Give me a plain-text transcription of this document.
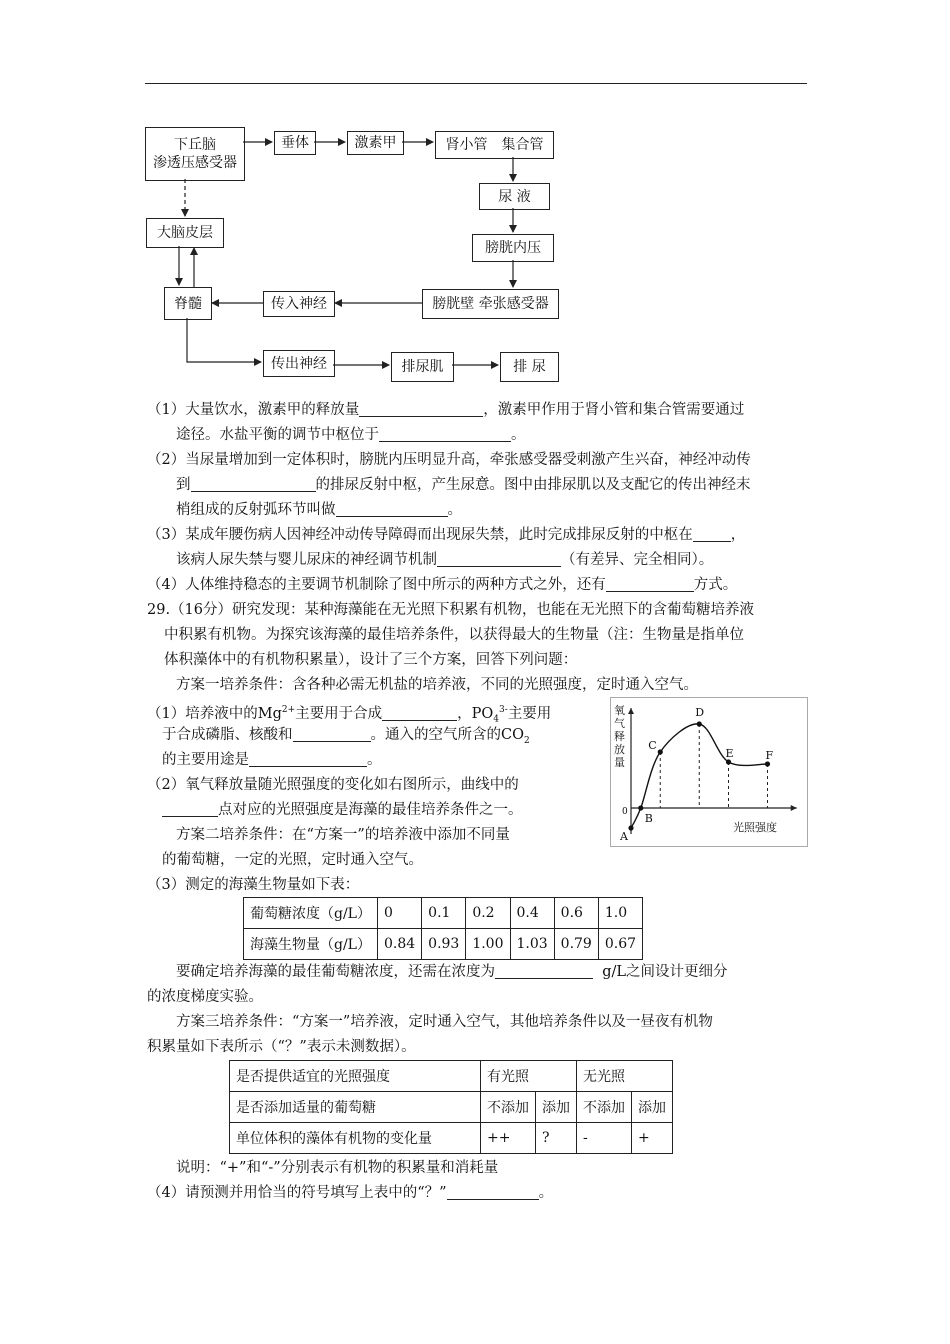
下丘脑
渗透压感受器
垂体	激素甲	肾小管　集合管
尿 液
膀胱内压
膀胱壁 牵张感受器
传入神经
脊髓
大脑皮层
传出神经	排尿肌	排 尿
（1）大量饮水，激素甲的释放量	，激素甲作用于肾小管和集合管需要通过
途径。水盐平衡的调节中枢位于	。
（2）当尿量增加到一定体积时，膀胱内压明显升高，牵张感受器受刺激产生兴奋，神经冲动传
到	的排尿反射中枢，产生尿意。图中由排尿肌以及支配它的传出神经末
梢组成的反射弧环节叫做	。
（3）某成年腰伤病人因神经冲动传导障碍而出现尿失禁，此时完成排尿反射的中枢在	，
该病人尿失禁与婴儿尿床的神经调节机制	（有差异、完全相同）。
（4）人体维持稳态的主要调节机制除了图中所示的两种方式之外，还有	方式。
29.（16分）研究发现：某种海藻能在无光照下积累有机物，也能在无光照下的含葡萄糖培养液
中积累有机物。为探究该海藻的最佳培养条件，以获得最大的生物量（注：生物量是指单位
体积藻体中的有机物积累量），设计了三个方案，回答下列问题：
方案一培养条件：含各种必需无机盐的培养液，不同的光照强度，定时通入空气。
（1）培养液中的$Mg^{2+}$主要用于合成	，$PO_4^{3-}$主要用
于合成磷脂、核酸和	。通入的空气所含的$CO_2$
的主要用途是	。
（2）氧气释放量随光照强度的变化如右图所示，曲线中的
点对应的光照强度是海藻的最佳培养条件之一。
方案二培养条件：在“方案一”的培养液中添加不同量
的葡萄糖，一定的光照，定时通入空气。
氧
气
释
放
量
光照强度
0
A
B
C
D
E	F
（3）测定的海藻生物量如下表：
葡萄糖浓度（g/L）	0	0.1	0.2	0.4	0.6	1.0
海藻生物量（g/L）	0.84	0.93	1.00	1.03	0.79	0.67
要确定培养海藻的最佳葡萄糖浓度，还需在浓度为	g/L之间设计更细分
的浓度梯度实验。
方案三培养条件：“方案一”培养液，定时通入空气，其他培养条件以及一昼夜有机物
积累量如下表所示（“？”表示未测数据）。
是否提供适宜的光照强度	有光照		无光照	
是否添加适量的葡萄糖	不添加	添加	不添加	添加
单位体积的藻体有机物的变化量	++	?	-	+
说明：“+”和“-”分别表示有机物的积累量和消耗量
（4）请预测并用恰当的符号填写上表中的“？”	。
